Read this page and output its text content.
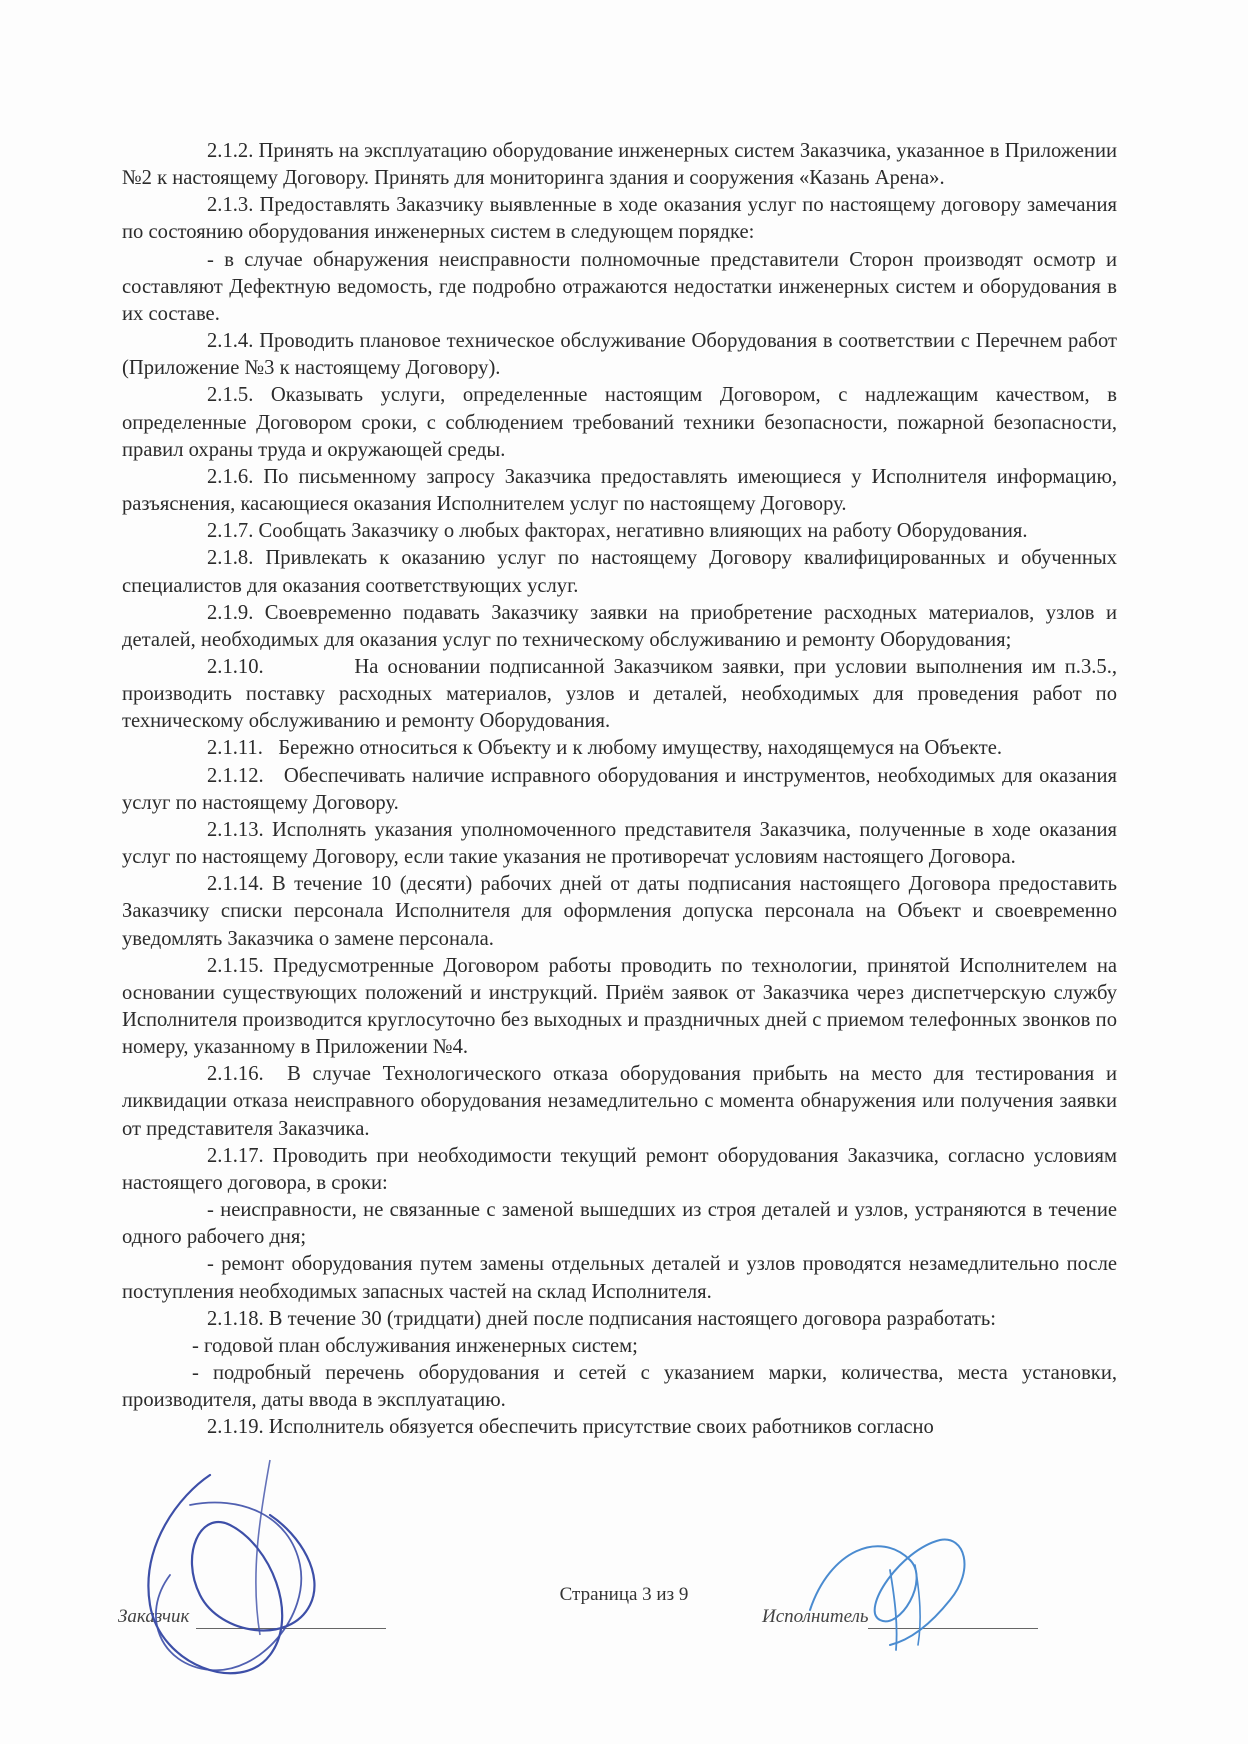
2.1.2. Принять на эксплуатацию оборудование инженерных систем Заказчика, указанное в Приложении №2 к настоящему Договору. Принять для мониторинга здания и сооружения «Казань Арена».

2.1.3. Предоставлять Заказчику выявленные в ходе оказания услуг по настоящему договору замечания по состоянию оборудования инженерных систем в следующем порядке:

- в случае обнаружения неисправности полномочные представители Сторон производят осмотр и составляют Дефектную ведомость, где подробно отражаются недостатки инженерных систем и оборудования в их составе.

2.1.4. Проводить плановое техническое обслуживание Оборудования в соответствии с Перечнем работ (Приложение №3 к настоящему Договору).

2.1.5. Оказывать услуги, определенные настоящим Договором, с надлежащим качеством, в определенные Договором сроки, с соблюдением требований техники безопасности, пожарной безопасности, правил охраны труда и окружающей среды.

2.1.6. По письменному запросу Заказчика предоставлять имеющиеся у Исполнителя информацию, разъяснения, касающиеся оказания Исполнителем услуг по настоящему Договору.

2.1.7. Сообщать Заказчику о любых факторах, негативно влияющих на работу Оборудования.

2.1.8. Привлекать к оказанию услуг по настоящему Договору квалифицированных и обученных специалистов для оказания соответствующих услуг.

2.1.9. Своевременно подавать Заказчику заявки на приобретение расходных материалов, узлов и деталей, необходимых для оказания услуг по техническому обслуживанию и ремонту Оборудования;

2.1.10.          На основании подписанной Заказчиком заявки, при условии выполнения им п.3.5., производить поставку расходных материалов, узлов и деталей, необходимых для проведения работ по техническому обслуживанию и ремонту Оборудования.

2.1.11.   Бережно относиться к Объекту и к любому имуществу, находящемуся на Объекте.

2.1.12.   Обеспечивать наличие исправного оборудования и инструментов, необходимых для оказания услуг по настоящему Договору.

2.1.13. Исполнять указания уполномоченного представителя Заказчика, полученные в ходе оказания услуг по настоящему Договору, если такие указания не противоречат условиям настоящего Договора.

2.1.14. В течение 10 (десяти) рабочих дней от даты подписания настоящего Договора предоставить Заказчику списки персонала Исполнителя для оформления допуска персонала на Объект и своевременно уведомлять Заказчика о замене персонала.

2.1.15. Предусмотренные Договором работы проводить по технологии, принятой Исполнителем на основании существующих положений и инструкций. Приём заявок от Заказчика через диспетчерскую службу Исполнителя производится круглосуточно без выходных и праздничных дней с приемом телефонных звонков по номеру, указанному в Приложении №4.

2.1.16.  В случае Технологического отказа оборудования прибыть на место для тестирования и ликвидации отказа неисправного оборудования незамедлительно с момента обнаружения или получения заявки от представителя Заказчика.

2.1.17. Проводить при необходимости текущий ремонт оборудования Заказчика, согласно условиям настоящего договора, в сроки:

- неисправности, не связанные с заменой вышедших из строя деталей и узлов, устраняются в течение одного рабочего дня;

- ремонт оборудования путем замены отдельных деталей и узлов проводятся незамедлительно после поступления необходимых запасных частей на склад Исполнителя.

2.1.18. В течение 30 (тридцати) дней после подписания настоящего договора разработать:

- годовой план обслуживания инженерных систем;

- подробный перечень оборудования и сетей с указанием марки, количества, места установки, производителя, даты ввода в эксплуатацию.

2.1.19. Исполнитель обязуется обеспечить присутствие своих работников согласно

Страница 3 из 9
Заказчик	Исполнитель
